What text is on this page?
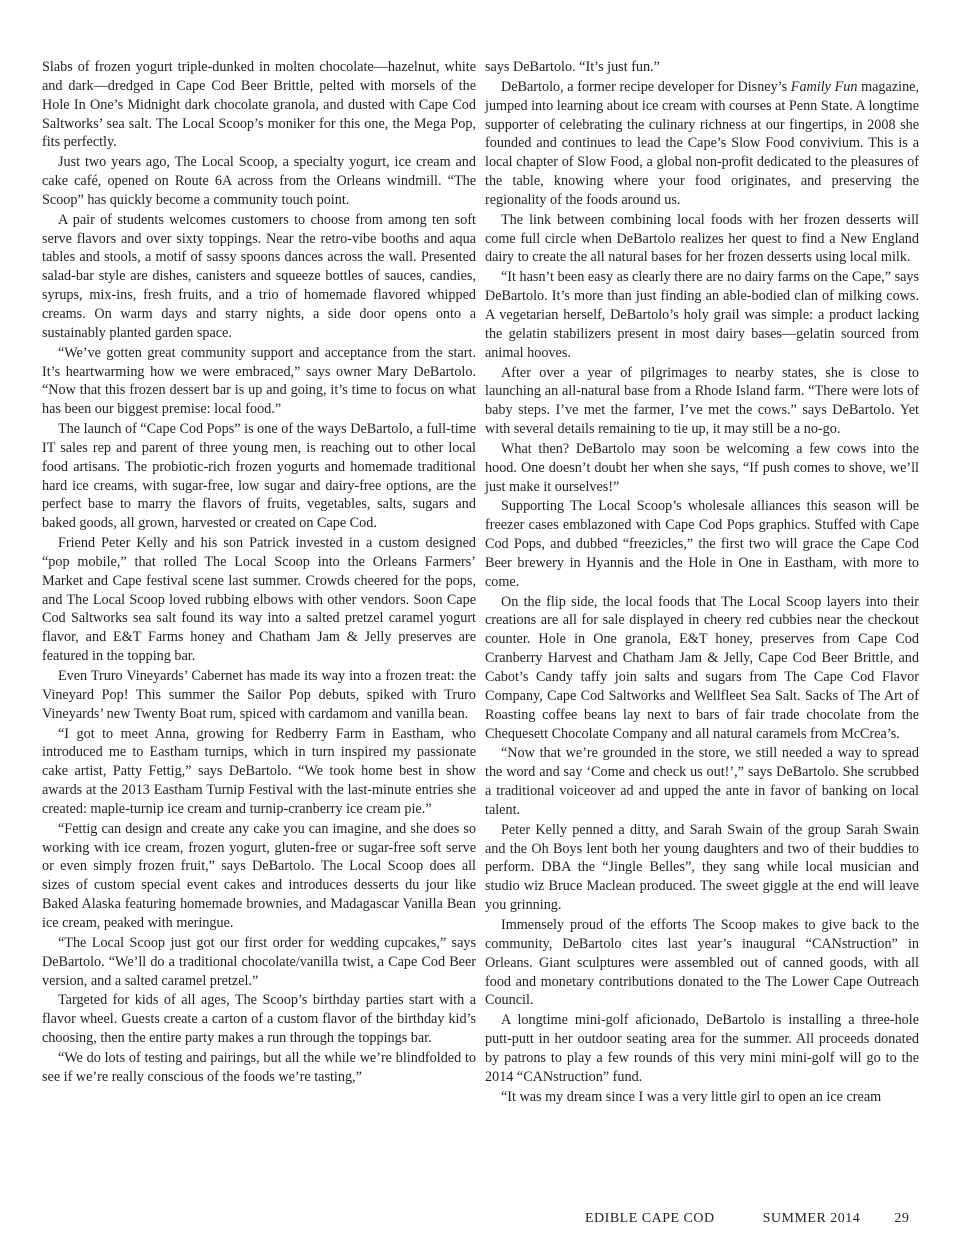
Slabs of frozen yogurt triple-dunked in molten chocolate—hazelnut, white and dark—dredged in Cape Cod Beer Brittle, pelted with morsels of the Hole In One’s Midnight dark chocolate granola, and dusted with Cape Cod Saltworks’ sea salt. The Local Scoop’s moniker for this one, the Mega Pop, fits perfectly.

Just two years ago, The Local Scoop, a specialty yogurt, ice cream and cake café, opened on Route 6A across from the Orleans windmill. “The Scoop” has quickly become a community touch point.

A pair of students welcomes customers to choose from among ten soft serve flavors and over sixty toppings. Near the retro-vibe booths and aqua tables and stools, a motif of sassy spoons dances across the wall. Presented salad-bar style are dishes, canisters and squeeze bottles of sauces, candies, syrups, mix-ins, fresh fruits, and a trio of homemade flavored whipped creams. On warm days and starry nights, a side door opens onto a sustainably planted garden space.

“We’ve gotten great community support and acceptance from the start. It’s heartwarming how we were embraced,” says owner Mary DeBartolo. “Now that this frozen dessert bar is up and going, it’s time to focus on what has been our biggest premise: local food.”

The launch of “Cape Cod Pops” is one of the ways DeBartolo, a full-time IT sales rep and parent of three young men, is reaching out to other local food artisans. The probiotic-rich frozen yogurts and homemade traditional hard ice creams, with sugar-free, low sugar and dairy-free options, are the perfect base to marry the flavors of fruits, vegetables, salts, sugars and baked goods, all grown, harvested or created on Cape Cod.

Friend Peter Kelly and his son Patrick invested in a custom designed “pop mobile,” that rolled The Local Scoop into the Orleans Farmers’ Market and Cape festival scene last summer. Crowds cheered for the pops, and The Local Scoop loved rubbing elbows with other vendors. Soon Cape Cod Saltworks sea salt found its way into a salted pretzel caramel yogurt flavor, and E&T Farms honey and Chatham Jam & Jelly preserves are featured in the topping bar.

Even Truro Vineyards’ Cabernet has made its way into a frozen treat: the Vineyard Pop! This summer the Sailor Pop debuts, spiked with Truro Vineyards’ new Twenty Boat rum, spiced with cardamom and vanilla bean.

“I got to meet Anna, growing for Redberry Farm in Eastham, who introduced me to Eastham turnips, which in turn inspired my passionate cake artist, Patty Fettig,” says DeBartolo. “We took home best in show awards at the 2013 Eastham Turnip Festival with the last-minute entries she created: maple-turnip ice cream and turnip-cranberry ice cream pie.”

“Fettig can design and create any cake you can imagine, and she does so working with ice cream, frozen yogurt, gluten-free or sugar-free soft serve or even simply frozen fruit,” says DeBartolo. The Local Scoop does all sizes of custom special event cakes and introduces desserts du jour like Baked Alaska featuring homemade brownies, and Madagascar Vanilla Bean ice cream, peaked with meringue.

“The Local Scoop just got our first order for wedding cupcakes,” says DeBartolo. “We’ll do a traditional chocolate/vanilla twist, a Cape Cod Beer version, and a salted caramel pretzel.”

Targeted for kids of all ages, The Scoop’s birthday parties start with a flavor wheel. Guests create a carton of a custom flavor of the birthday kid’s choosing, then the entire party makes a run through the toppings bar.

“We do lots of testing and pairings, but all the while we’re blindfolded to see if we’re really conscious of the foods we’re tasting,”

says DeBartolo. “It’s just fun.”

DeBartolo, a former recipe developer for Disney’s Family Fun magazine, jumped into learning about ice cream with courses at Penn State. A longtime supporter of celebrating the culinary richness at our fingertips, in 2008 she founded and continues to lead the Cape’s Slow Food convivium. This is a local chapter of Slow Food, a global non-profit dedicated to the pleasures of the table, knowing where your food originates, and preserving the regionality of the foods around us.

The link between combining local foods with her frozen desserts will come full circle when DeBartolo realizes her quest to find a New England dairy to create the all natural bases for her frozen desserts using local milk.

“It hasn’t been easy as clearly there are no dairy farms on the Cape,” says DeBartolo. It’s more than just finding an able-bodied clan of milking cows. A vegetarian herself, DeBartolo’s holy grail was simple: a product lacking the gelatin stabilizers present in most dairy bases—gelatin sourced from animal hooves.

After over a year of pilgrimages to nearby states, she is close to launching an all-natural base from a Rhode Island farm. “There were lots of baby steps. I’ve met the farmer, I’ve met the cows.” says DeBartolo. Yet with several details remaining to tie up, it may still be a no-go.

What then? DeBartolo may soon be welcoming a few cows into the hood. One doesn’t doubt her when she says, “If push comes to shove, we’ll just make it ourselves!”

Supporting The Local Scoop’s wholesale alliances this season will be freezer cases emblazoned with Cape Cod Pops graphics. Stuffed with Cape Cod Pops, and dubbed “freezicles,” the first two will grace the Cape Cod Beer brewery in Hyannis and the Hole in One in Eastham, with more to come.

On the flip side, the local foods that The Local Scoop layers into their creations are all for sale displayed in cheery red cubbies near the checkout counter. Hole in One granola, E&T honey, preserves from Cape Cod Cranberry Harvest and Chatham Jam & Jelly, Cape Cod Beer Brittle, and Cabot’s Candy taffy join salts and sugars from The Cape Cod Flavor Company, Cape Cod Saltworks and Wellfleet Sea Salt. Sacks of The Art of Roasting coffee beans lay next to bars of fair trade chocolate from the Chequesett Chocolate Company and all natural caramels from McCrea’s.

“Now that we’re grounded in the store, we still needed a way to spread the word and say ‘Come and check us out!’,” says DeBartolo. She scrubbed a traditional voiceover ad and upped the ante in favor of banking on local talent.

Peter Kelly penned a ditty, and Sarah Swain of the group Sarah Swain and the Oh Boys lent both her young daughters and two of their buddies to perform. DBA the “Jingle Belles”, they sang while local musician and studio wiz Bruce Maclean produced. The sweet giggle at the end will leave you grinning.

Immensely proud of the efforts The Scoop makes to give back to the community, DeBartolo cites last year’s inaugural “CANstruction” in Orleans. Giant sculptures were assembled out of canned goods, with all food and monetary contributions donated to the The Lower Cape Outreach Council.

A longtime mini-golf aficionado, DeBartolo is installing a three-hole putt-putt in her outdoor seating area for the summer. All proceeds donated by patrons to play a few rounds of this very mini mini-golf will go to the 2014 “CANstruction” fund.

“It was my dream since I was a very little girl to open an ice cream

EDIBLE CAPE COD	SUMMER 2014 29
